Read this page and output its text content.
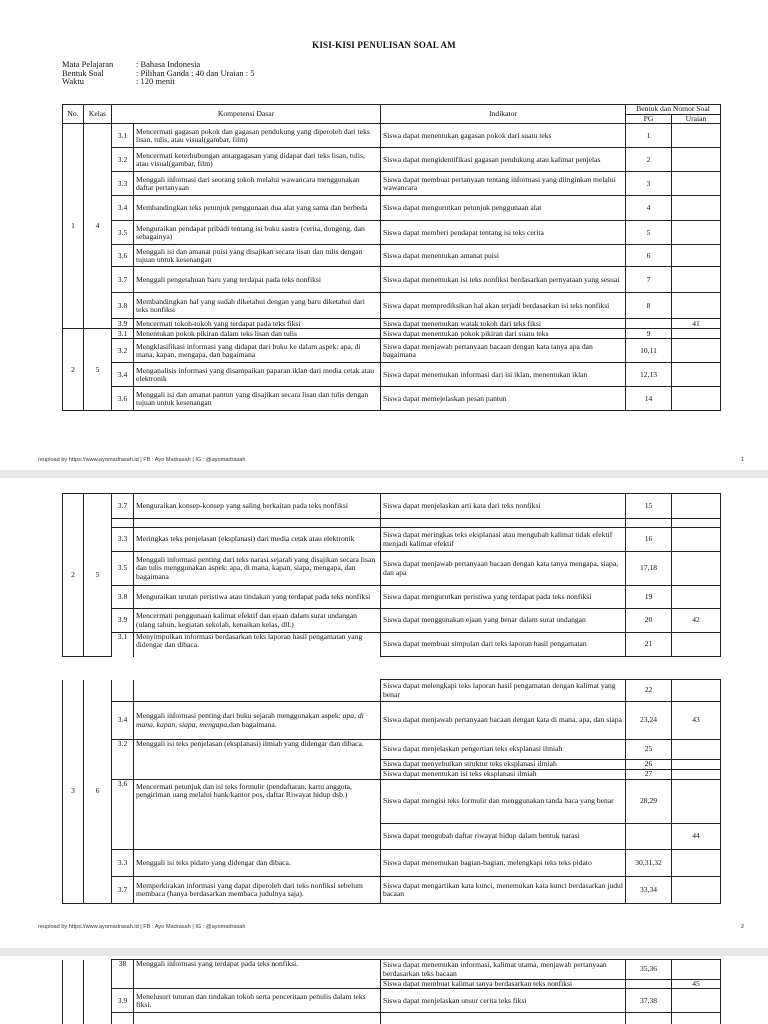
KISI-KISI PENULISAN SOAL AM
Mata Pelajaran	: Bahasa Indonesia
Bentuk Soal	: Pilihan Ganda : 40 dan Uraian : 5
Waktu	: 120 menit
No.	Kelas	Kompetensi Dasar		Indikator	Bentuk dan Nomor Soal	
					PG	Uraian
1	4	3.1	Mencermati gagasan pokok dan gagasan pendukung yang diperoleh dari teks lisan, tulis, atau visual(gambar, film)	Siswa dapat menentukan gagasan pokok dari suatu teks	1	
		3.2	Mencermati keterhubungan antargagasan yang didapat dari teks lisan, tulis, atau visual(gambar, film)	Siswa dapat mengidentifikasi gagasan pendukung atau kalimat penjelas	2	
		3.3	Menggali informasi dari seorang tokoh melalui wawancara menggunakan daftar pertanyaan	Siswa dapat membuat pertanyaan tentang informasi yang diinginkan melalui wawancara	3	
		3.4	Membandingkan teks petunjuk penggunaan dua alat yang sama dan berbeda	Siswa dapat mengurutkan petunjuk penggunaan alat	4	
		3.5	Menguraikan pendapat pribadi tentang isi buku sastra (cerita, dongeng, dan sebagainya)	Siswa dapat memberi pendapat tentang isi teks cerita	5	
		3.6	Menggali isi dan amanat puisi yang disajikan secara lisan dan tulis dengan tujuan untuk kesenangan	Siswa dapat menentukan amanat puisi	6	
		3.7	Menggali pengetahuan baru yang terdapat pada teks nonfiksi	Siswa dapat menemukan isi teks nonfiksi berdasarkan pernyataan yang sesuai	7	
		3.8	Membandingkan hal yang sudah diketahui dengan yang baru diketahui dari teks nonfiksi	Siswa dapat memprediksikan hal akan terjadi berdasarkan isi teks nonfiksi	8	
		3.9	Mencermati tokoh-tokoh yang terdapat pada teks fiksi	Siswa dapat menemukan watak tokoh dari teks fiksi		41
2	5	3.1	Menentukan pokok pikiran dalam teks lisan dan tulis	Siswa dapat menentukan pokok pikiran dari suatu teks	9	
		3.2	Mengklasifikasi informasi yang didapat dari buku ke dalam aspek: apa, di mana, kapan, mengapa, dan bagaimana	Siswa dapat menjawab pertanyaan bacaan dengan kata tanya apa dan bagaimana	10,11	
		3.4	Menganalisis informasi yang disampaikan paparan iklan dari media cetak atau elektronik	Siswa dapat menemukan informasi dari isi iklan, menentukan iklan	12,13	
		3.6	Menggali isi dan amanat pantun yang disajikan secara lisan dan tulis dengan tujuan untuk kesenangan	Siswa dapat memejelaskan pesan pantun	14	
reupload by https://www.ayomadrasah.id | FB : Ayo Madrasah | IG : @ayomadrasah	1
2	5	3.7	Menguraikan konsep-konsep yang saling berkaitan pada teks nonfiksi	Siswa dapat menjelaskan arti kata dari teks nonfiksi	15	

		3.3	Meringkas teks penjelasan (eksplanasi) dari media cetak atau elektronik	Siswa dapat meringkas teks eksplanasi atau mengubah kalimat tidak efektif menjadi kalimat efektif	16	
		3.5	Menggali informasi penting dari teks narasi sejarah yang disajikan secara lisan dan tulis menggunakan aspek: apa, di mana, kapan, siapa, mengapa, dan bagaimana	Siswa dapat menjawab pertanyaan bacaan dengan kata tanya mengapa, siapa, dan apa	17,18	
		3.8	Menguraikan urutan peristiwa atau tindakan yang terdapat pada teks nonfiksi	Siswa dapat mengurutkan peristiwa yang terdapat pada teks nonfiksi	19	
		3.9	Mencermati penggunaan kalimat efektif dan ejaan dalam surat undangan (ulang tahun, kegiatan sekolah, kenaikan kelas, dll.)	Siswa dapat menggunakan ejaan yang benar dalam surat undangan	20	42
		3.1	Menyimpulkan informasi berdasarkan teks laporan hasil pengamatan yang didengar dan dibaca.	Siswa dapat membuat simpulan dari teks laporan hasil pengamatan	21	
3	6			Siswa dapat melengkapi teks laporan hasil pengamatan dengan kalimat yang benar	22	
		3.4	Menggali informasi penting dari buku sejarah menggunakan aspek: apa, di mana, kapan, siapa, mengapa,dan bagaimana.	Siswa dapat menjawab pertanyaan bacaan dengan kata di mana, apa, dan siapa	23,24	43
		3.2	Menggali isi teks penjelasan (eksplanasi) ilmiah yang didengar dan dibaca.	Siswa dapat menjelaskan pengertian teks eksplanasi ilmiah	25	
				Siswa dapat menyebutkan struktur teks eksplanasi ilmiah	26	
				Siswa dapat menentukan isi teks eksplanasi ilmiah	27	
		3.6	Mencermati petunjuk dan isi teks formulir (pendaftaran, kartu anggota, pengiriman uang melalui bank/kantor pos, daftar Riwayat hidup dsb.)	Siswa dapat mengisi teks formulir dan menggunakan tanda baca yang benar	28,29	
				Siswa dapat mengubah daftar riwayat hidup dalam bentuk narasi		44
		3.3	Menggali isi teks pidato yang didengar dan dibaca.	Siswa dapat menemukan bagian-bagian, melengkapi teks teks pidato	30,31,32	
		3.7	Memperkirakan informasi yang dapat diperoleh dari teks nonfiksi sebelum membaca (hanya berdasarkan membaca judulnya saja).	Siswa dapat mengartikan kata kunci, menemukan kata kunci berdasarkan judul bacaan	33,34	
reupload by https://www.ayomadrasah.id | FB : Ayo Madrasah | IG : @ayomadrasah	2
		38	Menggali informasi yang terdapat pada teks nonfiksi.	Siswa dapat menemukan informasi, kalimat utama, menjawab pertanyaan berdasarkan teks bacaan	35,36	
				Siswa dapat membuat kalimat tanya berdasarkan teks nonfiksi		45
		3.9	Menelusuri tuturan dan tindakan tokoh serta penceritaan penulis dalam teks fiksi.	Siswa dapat menjelaskan unsur cerita teks fiksi	37,38	
